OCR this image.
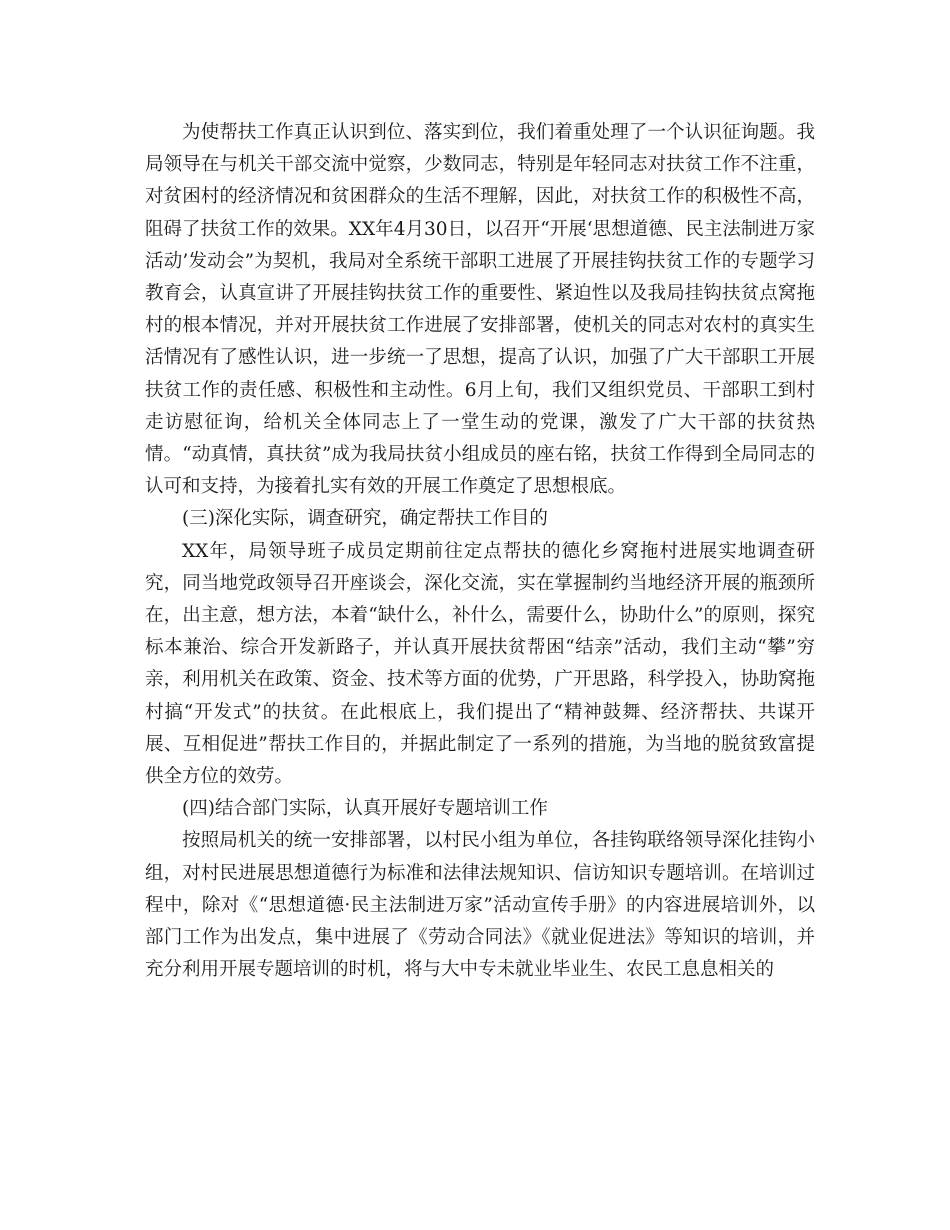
为使帮扶工作真正认识到位、落实到位，我们着重处理了一个认识征询题。我局领导在与机关干部交流中觉察，少数同志，特别是年轻同志对扶贫工作不注重，对贫困村的经济情况和贫困群众的生活不理解，因此，对扶贫工作的积极性不高，阻碍了扶贫工作的效果。XX年4月30日，以召开“开展‘思想道德、民主法制进万家活动’发动会”为契机，我局对全系统干部职工进展了开展挂钩扶贫工作的专题学习教育会，认真宣讲了开展挂钩扶贫工作的重要性、紧迫性以及我局挂钩扶贫点窝拖村的根本情况，并对开展扶贫工作进展了安排部署，使机关的同志对农村的真实生活情况有了感性认识，进一步统一了思想，提高了认识，加强了广大干部职工开展扶贫工作的责任感、积极性和主动性。6月上旬，我们又组织党员、干部职工到村走访慰征询，给机关全体同志上了一堂生动的党课，激发了广大干部的扶贫热情。“动真情，真扶贫”成为我局扶贫小组成员的座右铭，扶贫工作得到全局同志的认可和支持，为接着扎实有效的开展工作奠定了思想根底。

(三)深化实际，调查研究，确定帮扶工作目的

XX年，局领导班子成员定期前往定点帮扶的德化乡窝拖村进展实地调查研究，同当地党政领导召开座谈会，深化交流，实在掌握制约当地经济开展的瓶颈所在，出主意，想方法，本着“缺什么，补什么，需要什么，协助什么”的原则，探究标本兼治、综合开发新路子，并认真开展扶贫帮困“结亲”活动，我们主动“攀”穷亲，利用机关在政策、资金、技术等方面的优势，广开思路，科学投入，协助窝拖村搞“开发式”的扶贫。在此根底上，我们提出了“精神鼓舞、经济帮扶、共谋开展、互相促进”帮扶工作目的，并据此制定了一系列的措施，为当地的脱贫致富提供全方位的效劳。

(四)结合部门实际，认真开展好专题培训工作

按照局机关的统一安排部署，以村民小组为单位，各挂钩联络领导深化挂钩小组，对村民进展思想道德行为标准和法律法规知识、信访知识专题培训。在培训过程中，除对《“思想道德·民主法制进万家”活动宣传手册》的内容进展培训外，以部门工作为出发点，集中进展了《劳动合同法》《就业促进法》等知识的培训，并充分利用开展专题培训的时机，将与大中专未就业毕业生、农民工息息相关的
